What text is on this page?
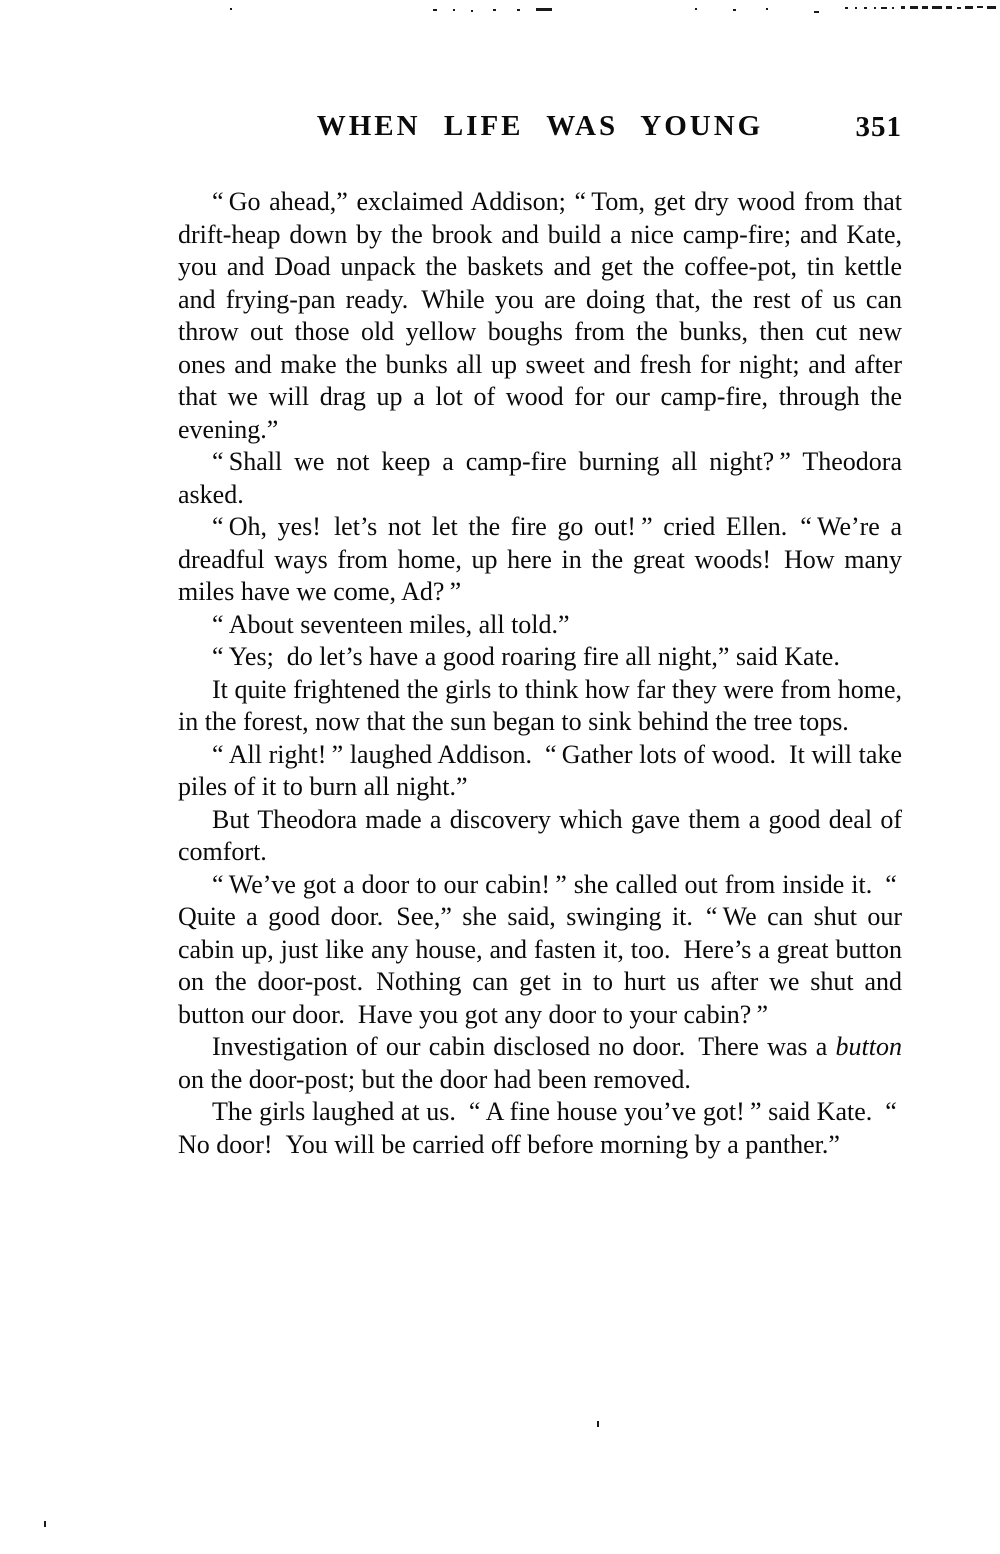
WHEN LIFE WAS YOUNG	351

“ Go ahead,” exclaimed Addison; “ Tom, get dry wood from that drift-heap down by the brook and build a nice camp-fire; and Kate, you and Doad unpack the baskets and get the coffee-pot, tin kettle and frying-pan ready. While you are doing that, the rest of us can throw out those old yellow boughs from the bunks, then cut new ones and make the bunks all up sweet and fresh for night; and after that we will drag up a lot of wood for our camp-fire, through the evening.”

“ Shall we not keep a camp-fire burning all night? ” Theodora asked.

“ Oh, yes! let’s not let the fire go out! ” cried Ellen. “ We’re a dreadful ways from home, up here in the great woods! How many miles have we come, Ad? ”

“ About seventeen miles, all told.”

“ Yes; do let’s have a good roaring fire all night,” said Kate.

It quite frightened the girls to think how far they were from home, in the forest, now that the sun began to sink behind the tree tops.

“ All right! ” laughed Addison. “ Gather lots of wood. It will take piles of it to burn all night.”

But Theodora made a discovery which gave them a good deal of comfort.

“ We’ve got a door to our cabin! ” she called out from inside it. “ Quite a good door. See,” she said, swinging it. “ We can shut our cabin up, just like any house, and fasten it, too. Here’s a great button on the door-post. Nothing can get in to hurt us after we shut and button our door. Have you got any door to your cabin? ”

Investigation of our cabin disclosed no door. There was a button on the door-post; but the door had been removed.

The girls laughed at us. “ A fine house you’ve got! ” said Kate. “ No door! You will be carried off before morning by a panther.”
